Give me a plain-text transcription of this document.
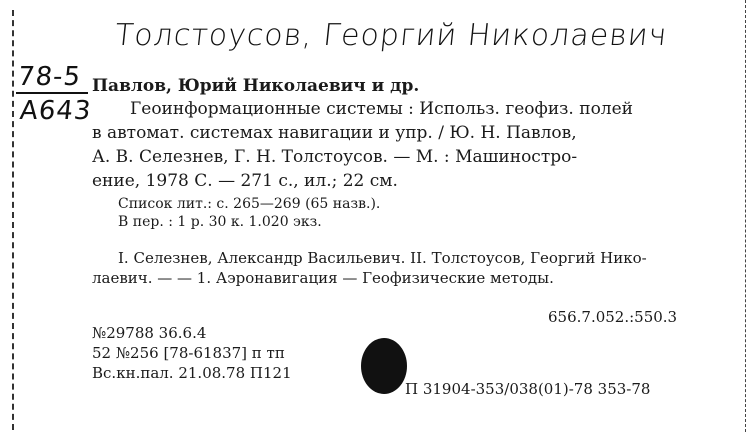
Толстоусов, Георгий Николаевич
78-5
А643
Павлов, Юрий Николаевич и др.
Геоинформационные системы : Использ. геофиз. полей
в автомат. системах навигации и упр. / Ю. Н. Павлов,
А. В. Селезнев, Г. Н. Толстоусов. — М. : Машиностро-
ение, 1978 С. — 271 с., ил.; 22 см.
Список лит.: с. 265—269 (65 назв.).
В пер. : 1 р. 30 к. 1.020 экз.
I. Селезнев, Александр Васильевич. II. Толстоусов, Георгий Нико-
лаевич. — — 1. Аэронавигация — Геофизические методы.
656.7.052.:550.3
№29788 36.6.4
52 №256 [78-61837] п тп
Вс.кн.пал. 21.08.78 П121
П 31904-353/038(01)-78 353-78
